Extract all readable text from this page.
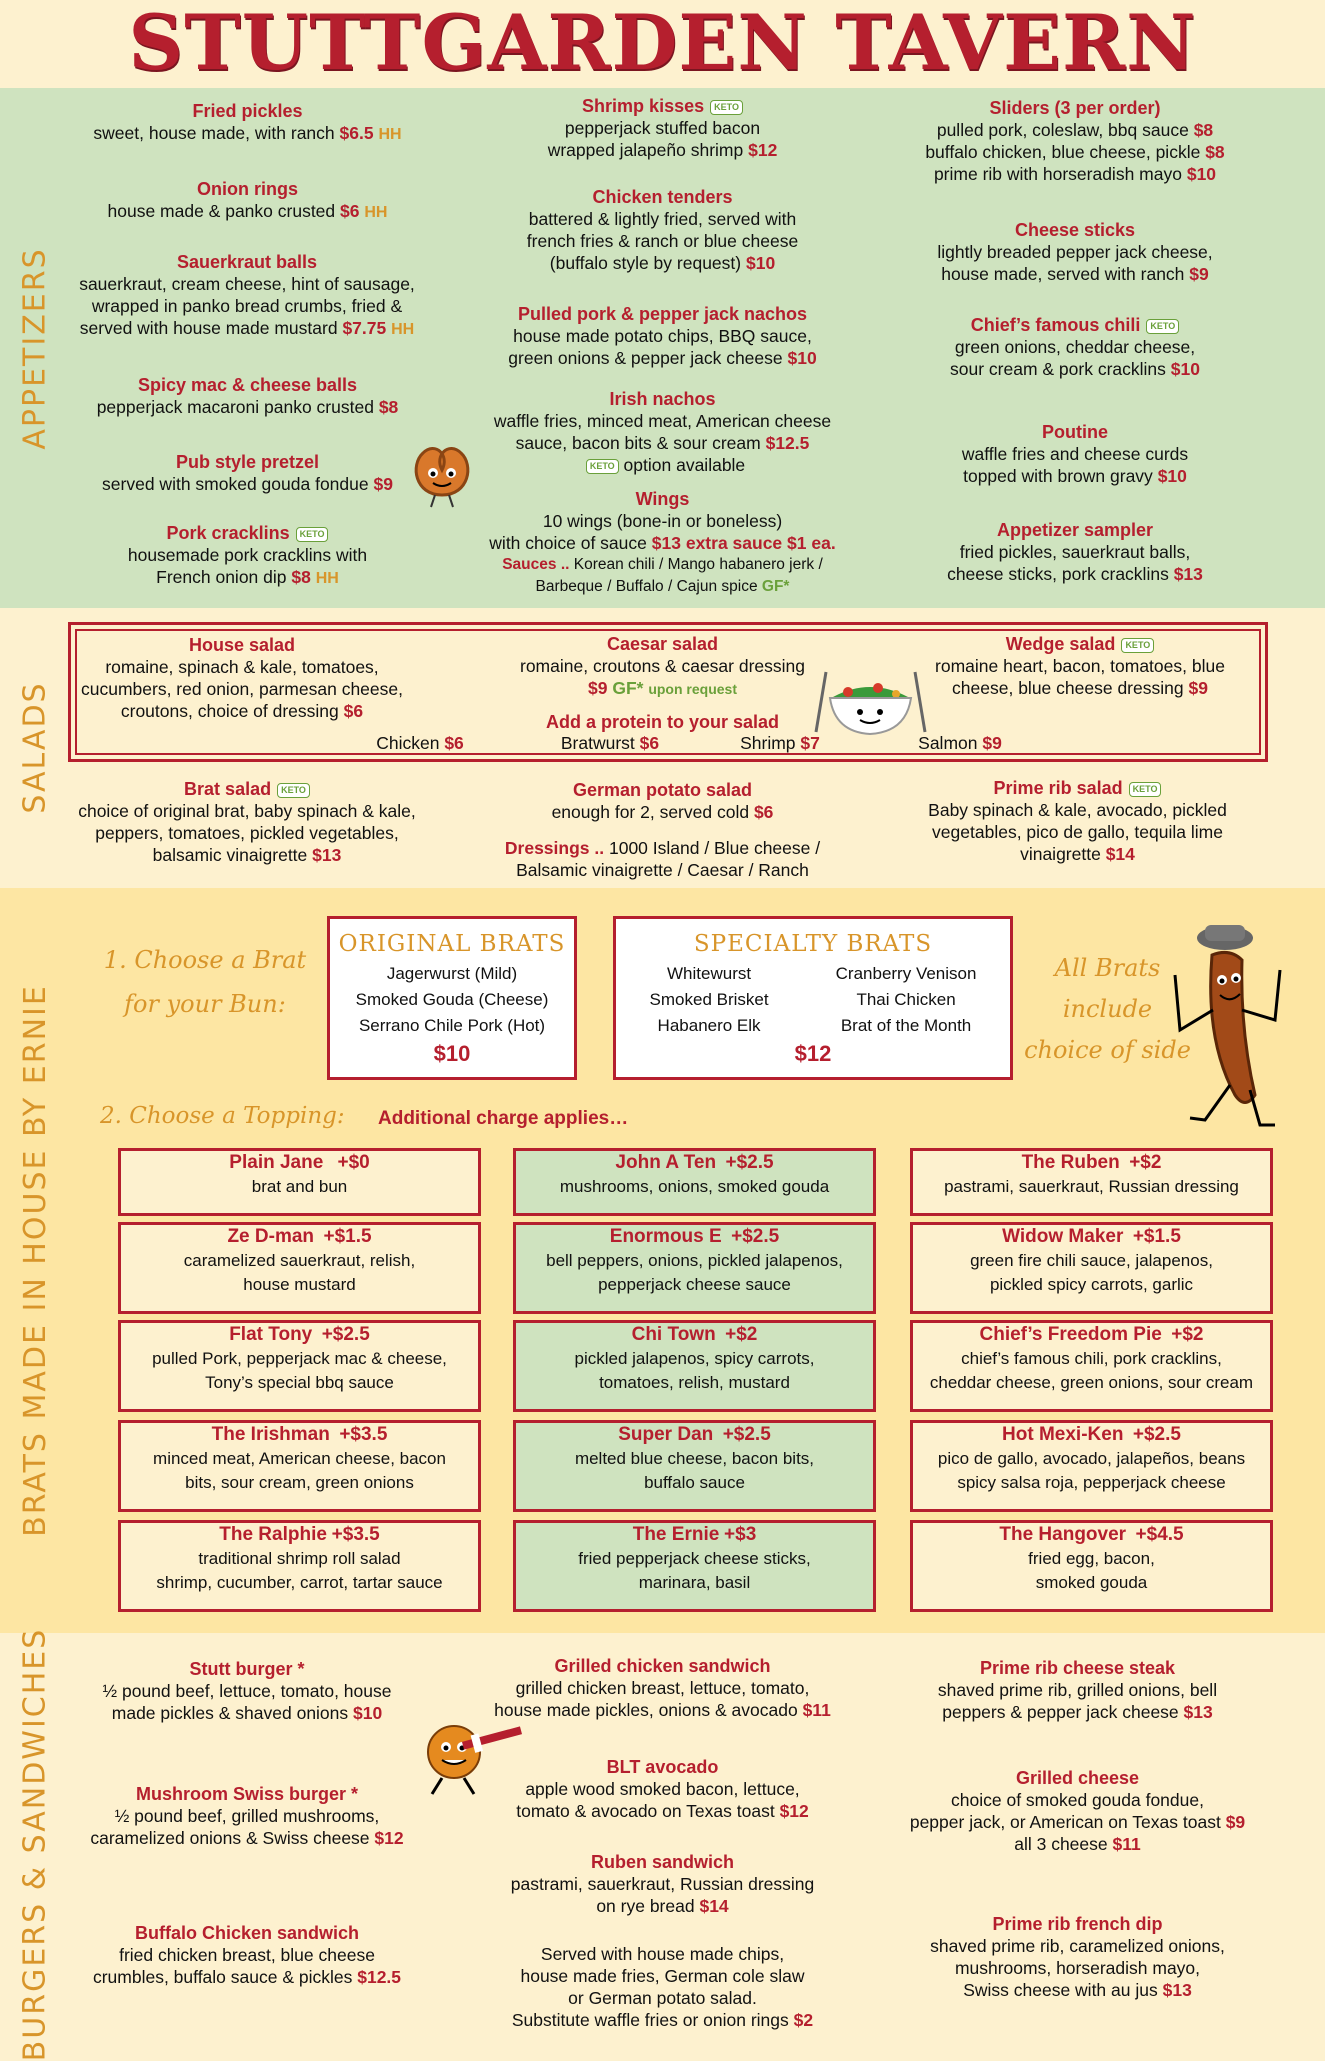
STUTTGARDEN TAVERN
APPETIZERS
Fried pickles
sweet, house made, with ranch $6.5 HH
Onion rings
house made & panko crusted $6 HH
Sauerkraut balls
sauerkraut, cream cheese, hint of sausage,
wrapped in panko bread crumbs, fried &
served with house made mustard $7.75 HH
Spicy mac & cheese balls
pepperjack macaroni panko crusted $8
Pub style pretzel
served with smoked gouda fondue $9
Pork cracklins KETO
housemade pork cracklins with
French onion dip $8 HH
Shrimp kisses KETO
pepperjack stuffed bacon
wrapped jalapeño shrimp $12
Chicken tenders
battered & lightly fried, served with
french fries & ranch or blue cheese
(buffalo style by request) $10
Pulled pork & pepper jack nachos
house made potato chips, BBQ sauce,
green onions & pepper jack cheese $10
Irish nachos
waffle fries, minced meat, American cheese
sauce, bacon bits & sour cream $12.5
KETO option available
Wings
10 wings (bone-in or boneless)
with choice of sauce $13 extra sauce $1 ea.
Sauces .. Korean chili / Mango habanero jerk /
Barbeque / Buffalo / Cajun spice GF*
Sliders (3 per order)
pulled pork, coleslaw, bbq sauce $8
buffalo chicken, blue cheese, pickle $8
prime rib with horseradish mayo $10
Cheese sticks
lightly breaded pepper jack cheese,
house made, served with ranch $9
Chief’s famous chili KETO
green onions, cheddar cheese,
sour cream & pork cracklins $10
Poutine
waffle fries and cheese curds
topped with brown gravy $10
Appetizer sampler
fried pickles, sauerkraut balls,
cheese sticks, pork cracklins $13
SALADS
House salad
romaine, spinach & kale, tomatoes,
cucumbers, red onion, parmesan cheese,
croutons, choice of dressing $6
Caesar salad
romaine, croutons & caesar dressing
$9 GF* upon request
Wedge salad KETO
romaine heart, bacon, tomatoes, blue
cheese, blue cheese dressing $9
Add a protein to your salad
Chicken $6	Bratwurst $6	Shrimp $7	Salmon $9
Brat salad KETO
choice of original brat, baby spinach & kale,
peppers, tomatoes, pickled vegetables,
balsamic vinaigrette $13
German potato salad
enough for 2, served cold $6
Dressings .. 1000 Island / Blue cheese /
Balsamic vinaigrette / Caesar / Ranch
Prime rib salad KETO
Baby spinach & kale, avocado, pickled
vegetables, pico de gallo, tequila lime
vinaigrette $14
BRATS MADE IN HOUSE BY ERNIE
1. Choose a Brat
for your Bun:
ORIGINAL BRATS
Jagerwurst (Mild)
Smoked Gouda (Cheese)
Serrano Chile Pork (Hot)
$10
SPECIALTY BRATS
Whitewurst
Smoked Brisket
Habanero Elk
Cranberry Venison
Thai Chicken
Brat of the Month
$12
All Brats
include
choice of side
2. Choose a Topping: Additional charge applies…
Plain Jane +$0
brat and bun
John A Ten +$2.5
mushrooms, onions, smoked gouda
The Ruben +$2
pastrami, sauerkraut, Russian dressing
Ze D-man +$1.5
caramelized sauerkraut, relish,
house mustard
Enormous E +$2.5
bell peppers, onions, pickled jalapenos,
pepperjack cheese sauce
Widow Maker +$1.5
green fire chili sauce, jalapenos,
pickled spicy carrots, garlic
Flat Tony +$2.5
pulled Pork, pepperjack mac & cheese,
Tony’s special bbq sauce
Chi Town +$2
pickled jalapenos, spicy carrots,
tomatoes, relish, mustard
Chief’s Freedom Pie +$2
chief’s famous chili, pork cracklins,
cheddar cheese, green onions, sour cream
The Irishman +$3.5
minced meat, American cheese, bacon
bits, sour cream, green onions
Super Dan +$2.5
melted blue cheese, bacon bits,
buffalo sauce
Hot Mexi-Ken +$2.5
pico de gallo, avocado, jalapeños, beans
spicy salsa roja, pepperjack cheese
The Ralphie +$3.5
traditional shrimp roll salad
shrimp, cucumber, carrot, tartar sauce
The Ernie +$3
fried pepperjack cheese sticks,
marinara, basil
The Hangover +$4.5
fried egg, bacon,
smoked gouda
BURGERS & SANDWICHES	Stutt burger *
½ pound beef, lettuce, tomato, house
made pickles & shaved onions $10
Mushroom Swiss burger *
½ pound beef, grilled mushrooms,
caramelized onions & Swiss cheese $12
Buffalo Chicken sandwich
fried chicken breast, blue cheese
crumbles, buffalo sauce & pickles $12.5
Grilled chicken sandwich
grilled chicken breast, lettuce, tomato,
house made pickles, onions & avocado $11
BLT avocado
apple wood smoked bacon, lettuce,
tomato & avocado on Texas toast $12
Ruben sandwich
pastrami, sauerkraut, Russian dressing
on rye bread $14
Served with house made chips,
house made fries, German cole slaw
or German potato salad.
Substitute waffle fries or onion rings $2
Prime rib cheese steak
shaved prime rib, grilled onions, bell
peppers & pepper jack cheese $13
Grilled cheese
choice of smoked gouda fondue,
pepper jack, or American on Texas toast $9
all 3 cheese $11
Prime rib french dip
shaved prime rib, caramelized onions,
mushrooms, horseradish mayo,
Swiss cheese with au jus $13
